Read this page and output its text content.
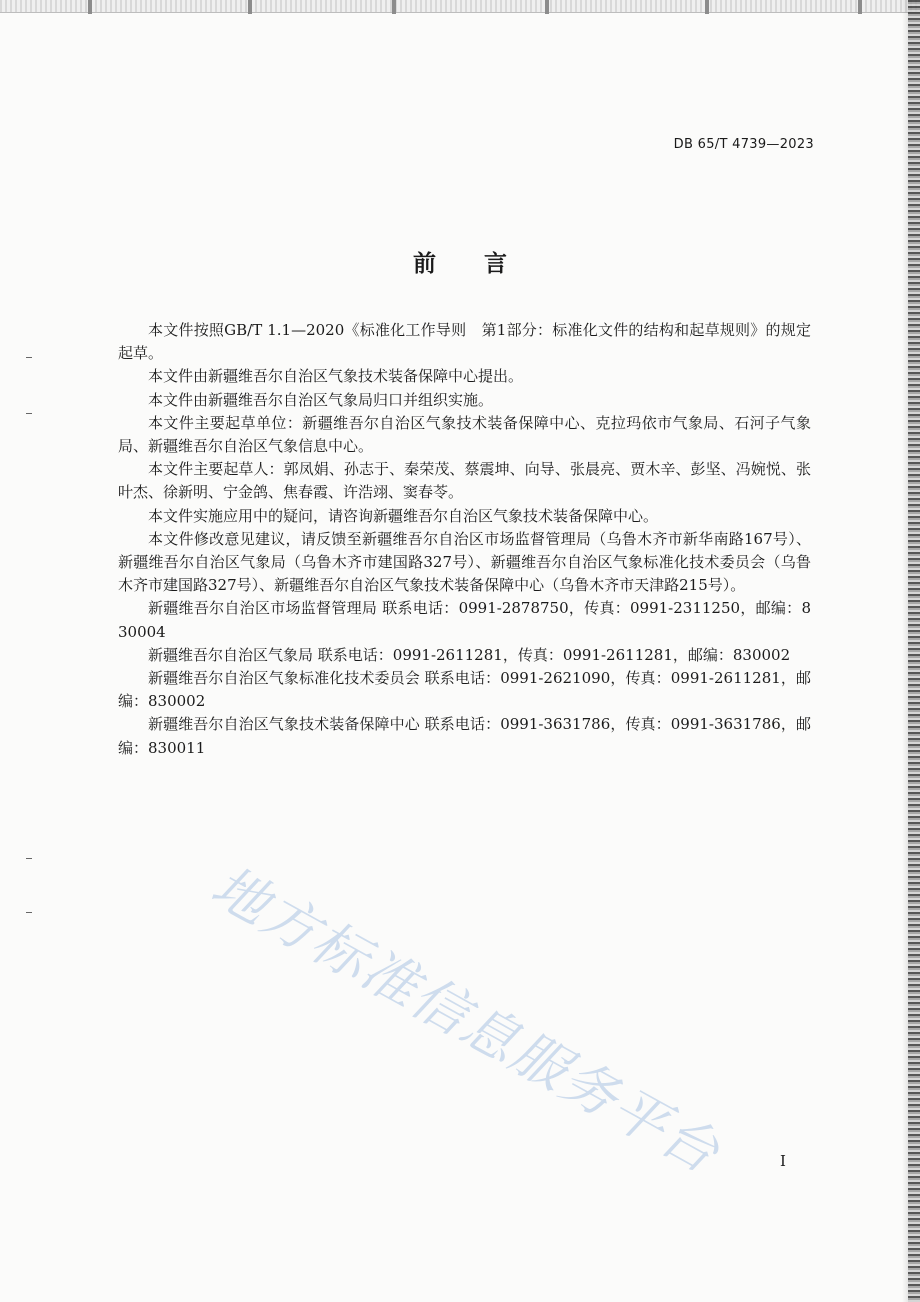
DB 65/T 4739—2023
前言

本文件按照GB/T 1.1—2020《标准化工作导则　第1部分：标准化文件的结构和起草规则》的规定起草。

本文件由新疆维吾尔自治区气象技术装备保障中心提出。

本文件由新疆维吾尔自治区气象局归口并组织实施。

本文件主要起草单位：新疆维吾尔自治区气象技术装备保障中心、克拉玛依市气象局、石河子气象局、新疆维吾尔自治区气象信息中心。

本文件主要起草人：郭凤娟、孙志于、秦荣茂、蔡震坤、向导、张晨亮、贾木辛、彭坚、冯婉悦、张叶杰、徐新明、宁金鸽、焦春霞、许浩翊、窦春苓。

本文件实施应用中的疑问，请咨询新疆维吾尔自治区气象技术装备保障中心。

本文件修改意见建议，请反馈至新疆维吾尔自治区市场监督管理局（乌鲁木齐市新华南路167号）、新疆维吾尔自治区气象局（乌鲁木齐市建国路327号）、新疆维吾尔自治区气象标准化技术委员会（乌鲁木齐市建国路327号）、新疆维吾尔自治区气象技术装备保障中心（乌鲁木齐市天津路215号）。

新疆维吾尔自治区市场监督管理局 联系电话：0991-2878750，传真：0991-2311250，邮编：830004

新疆维吾尔自治区气象局 联系电话：0991-2611281，传真：0991-2611281，邮编：830002

新疆维吾尔自治区气象标准化技术委员会 联系电话：0991-2621090，传真：0991-2611281，邮编：830002

新疆维吾尔自治区气象技术装备保障中心 联系电话：0991-3631786，传真：0991-3631786，邮编：830011

地方标准信息服务平台	I
